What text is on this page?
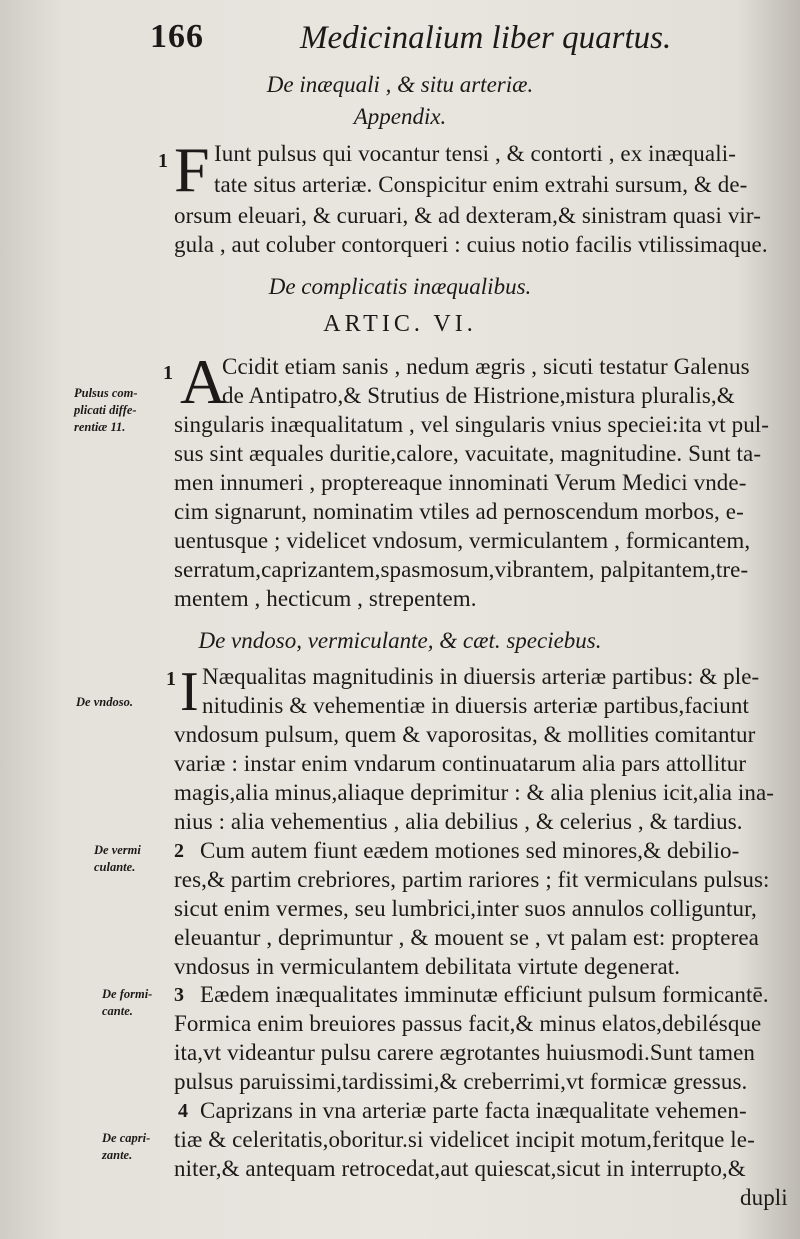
166	Medicinalium liber quartus.
De inæquali , & situ arteriæ.
Appendix.
1 F Iunt pulsus qui vocantur tensi , & contorti , ex inæquali-
tate situs arteriæ. Conspicitur enim extrahi sursum, & de-
orsum eleuari, & curuari, & ad dexteram,& sinistram quasi vir-
gula , aut coluber contorqueri : cuius notio facilis vtilissimaque.
De complicatis inæqualibus.
ARTIC. VI.
Pulsus com-
plicati diffe-
rentiæ 11.
1 A
Ccidit etiam sanis , nedum ægris , sicuti testatur Galenus
de Antipatro,& Strutius de Histrione,mistura pluralis,&
singularis inæqualitatum , vel singularis vnius speciei:ita vt pul-
sus sint æquales duritie,calore, vacuitate, magnitudine. Sunt ta-
men innumeri , proptereaque innominati Verum Medici vnde-
cim signarunt, nominatim vtiles ad pernoscendum morbos, e-
uentusque ; videlicet vndosum, vermiculantem , formicantem,
serratum,caprizantem,spasmosum,vibrantem, palpitantem,tre-
mentem , hecticum , strepentem.
De vndoso, vermiculante, & cæt. speciebus.
De vndoso.
1 I Næqualitas magnitudinis in diuersis arteriæ partibus: & ple-
nitudinis & vehementiæ in diuersis arteriæ partibus,faciunt
vndosum pulsum, quem & vaporositas, & mollities comitantur
variæ : instar enim vndarum continuatarum alia pars attollitur
magis,alia minus,aliaque deprimitur : & alia plenius icit,alia ina-
nius : alia vehementius , alia debilius , & celerius , & tardius.
De vermi
culante.
2 Cum autem fiunt eædem motiones sed minores,& debilio-
res,& partim crebriores, partim rariores ; fit vermiculans pulsus:
sicut enim vermes, seu lumbrici,inter suos annulos colliguntur,
eleuantur , deprimuntur , & mouent se , vt palam est: propterea
vndosus in vermiculantem debilitata virtute degenerat.
De formi-
cante.
3 Eædem inæqualitates imminutæ efficiunt pulsum formicantē.
Formica enim breuiores passus facit,& minus elatos,debilésque
ita,vt videantur pulsu carere ægrotantes huiusmodi.Sunt tamen
pulsus paruissimi,tardissimi,& creberrimi,vt formicæ gressus.
De capri-
zante.
4 Caprizans in vna arteriæ parte facta inæqualitate vehemen-
tiæ & celeritatis,oboritur.si videlicet incipit motum,feritque le-
niter,& antequam retrocedat,aut quiescat,sicut in interrupto,&
dupli
